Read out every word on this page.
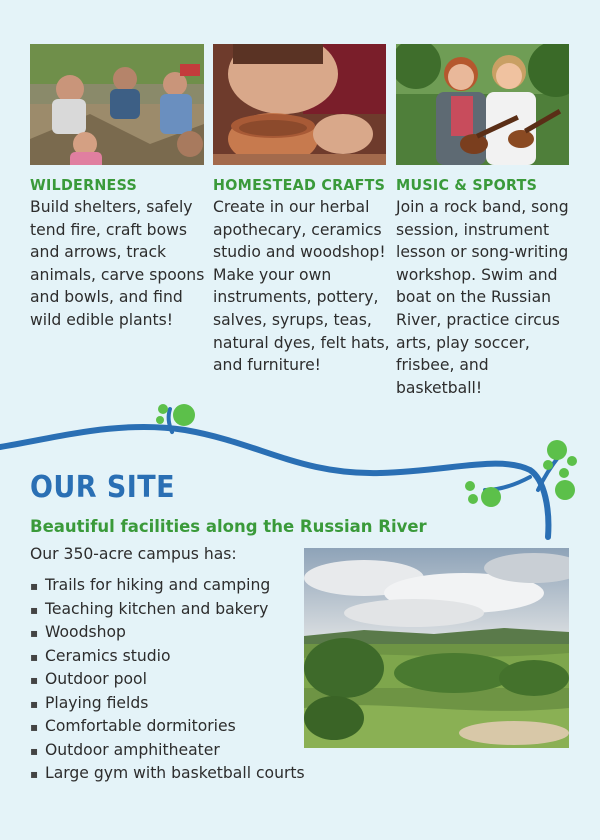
WILDERNESS

Build shelters, safely tend fire, craft bows and arrows, track animals, carve spoons and bowls, and find wild edible plants!

HOMESTEAD CRAFTS

Create in our herbal apothecary, ceramics studio and woodshop! Make your own instruments, pottery, salves, syrups, teas, natural dyes, felt hats, and furniture!

MUSIC & SPORTS

Join a rock band, song session, instrument lesson or song-writing workshop. Swim and boat on the Russian River, practice circus arts, play soccer, frisbee, and basketball!

OUR SITE
Beautiful facilities along the Russian River

Our 350-acre campus has:

▪ Trails for hiking and camping
▪ Teaching kitchen and bakery
▪ Woodshop
▪ Ceramics studio
▪ Outdoor pool
▪ Playing fields
▪ Comfortable dormitories
▪ Outdoor amphitheater
▪ Large gym with basketball courts
